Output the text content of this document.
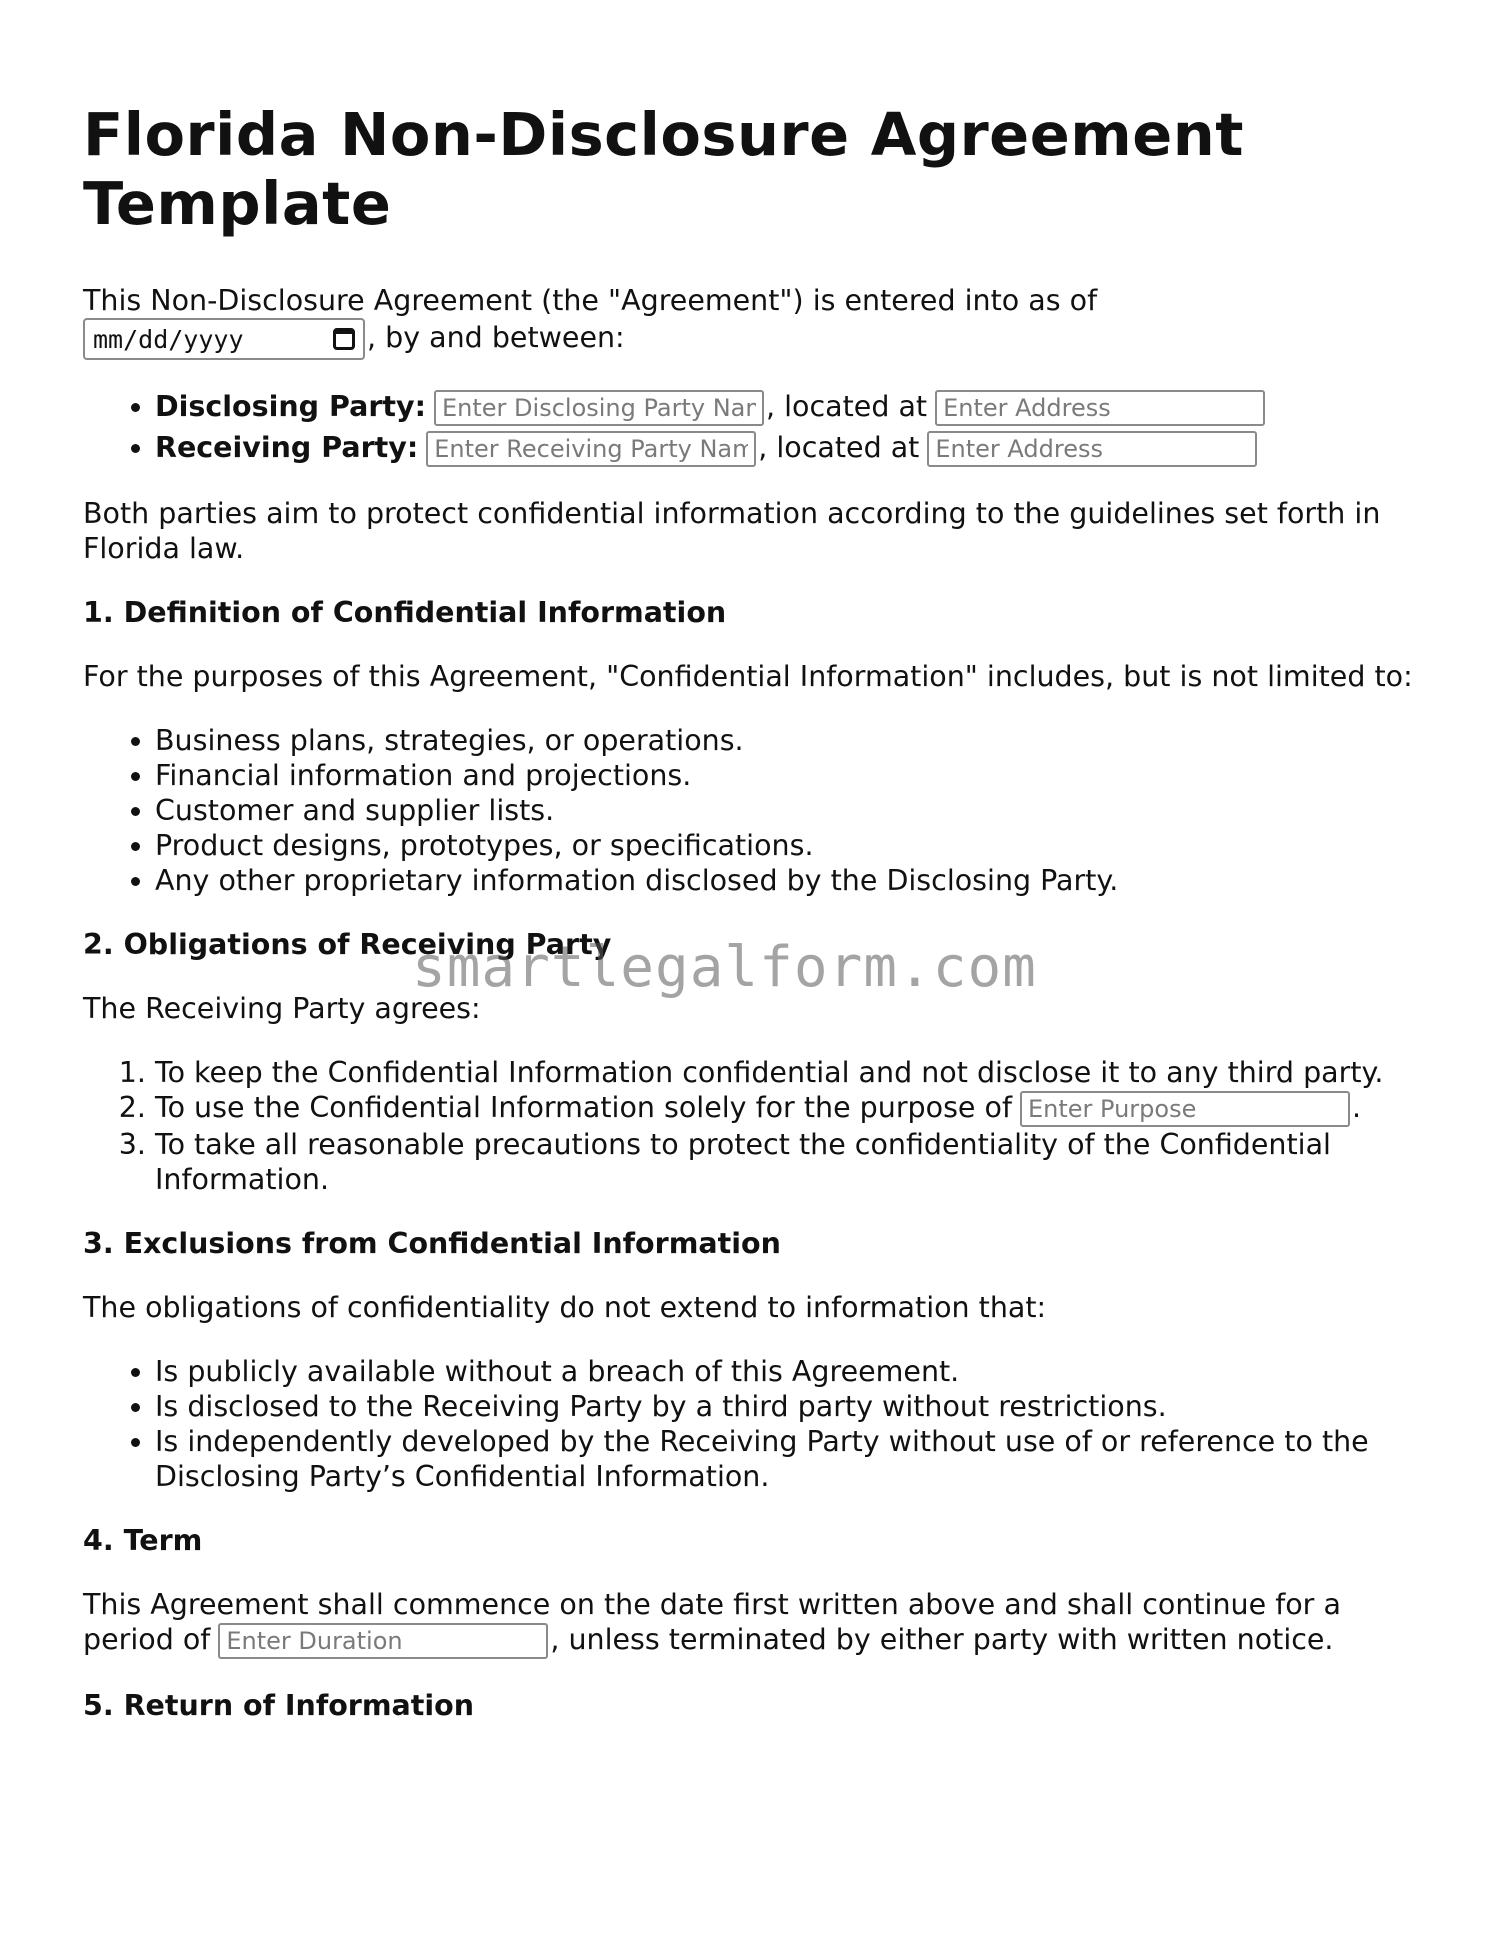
Florida Non-Disclosure Agreement Template

This Non-Disclosure Agreement (the "Agreement") is entered into as of

mm/dd/yyyy	, by and between:

• Disclosing Party:Enter Disclosing Party Name	, located atEnter Address
• Receiving Party:Enter Receiving Party Name	, located atEnter Address

Both parties aim to protect confidential information according to the guidelines set forth in Florida law.

1. Definition of Confidential Information

For the purposes of this Agreement, "Confidential Information" includes, but is not limited to:

• Business plans, strategies, or operations.
• Financial information and projections.
• Customer and supplier lists.
• Product designs, prototypes, or specifications.
• Any other proprietary information disclosed by the Disclosing Party.
2. Obligations of Receiving Party

The Receiving Party agrees:

1. To keep the Confidential Information confidential and not disclose it to any third party.
2. To use the Confidential Information solely for the purpose ofEnter Purpose	.
3. To take all reasonable precautions to protect the confidentiality of the Confidential Information.
3. Exclusions from Confidential Information

The obligations of confidentiality do not extend to information that:

• Is publicly available without a breach of this Agreement.
• Is disclosed to the Receiving Party by a third party without restrictions.
• Is independently developed by the Receiving Party without use of or reference to the Disclosing Party’s Confidential Information.
4. Term

This Agreement shall commence on the date first written above and shall continue for a period ofEnter Duration	, unless terminated by either party with written notice.

5. Return of Information
smartlegalform.com
